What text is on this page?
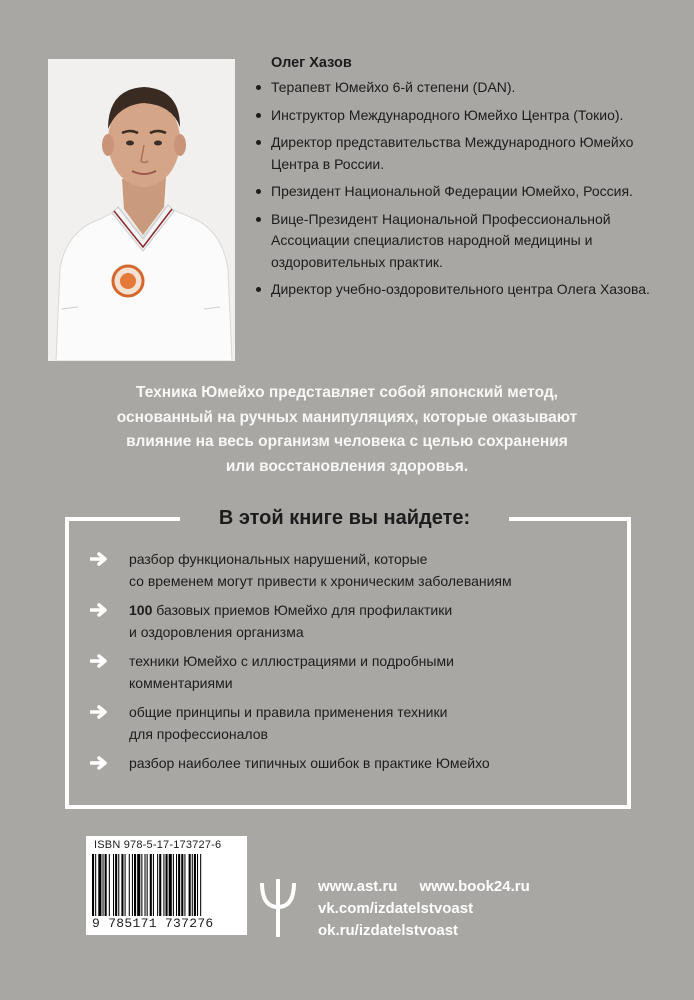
Олег Хазов
Терапевт Юмейхо 6-й степени (DAN).
Инструктор Международного Юмейхо Центра (Токио).
Директор представительства Международного Юмейхо Центра в России.
Президент Национальной Федерации Юмейхо, Россия.
Вице-Президент Национальной Профессиональной Ассоциации специалистов народной медицины и оздоровительных практик.
Директор учебно-оздоровительного центра Олега Хазова.
Техника Юмейхо представляет собой японский метод,
основанный на ручных манипуляциях, которые оказывают
влияние на весь организм человека с целью сохранения
или восстановления здоровья.
В этой книге вы найдете:
разбор функциональных нарушений, которые
со временем могут привести к хроническим заболеваниям
100 базовых приемов Юмейхо для профилактики
и оздоровления организма
техники Юмейхо с иллюстрациями и подробными
комментариями
общие принципы и правила применения техники
для профессионалов
разбор наиболее типичных ошибок в практике Юмейхо
ISBN 978-5-17-173727-6
9 785171 737276
www.ast.ru www.book24.ru
vk.com/izdatelstvoast
ok.ru/izdatelstvoast
